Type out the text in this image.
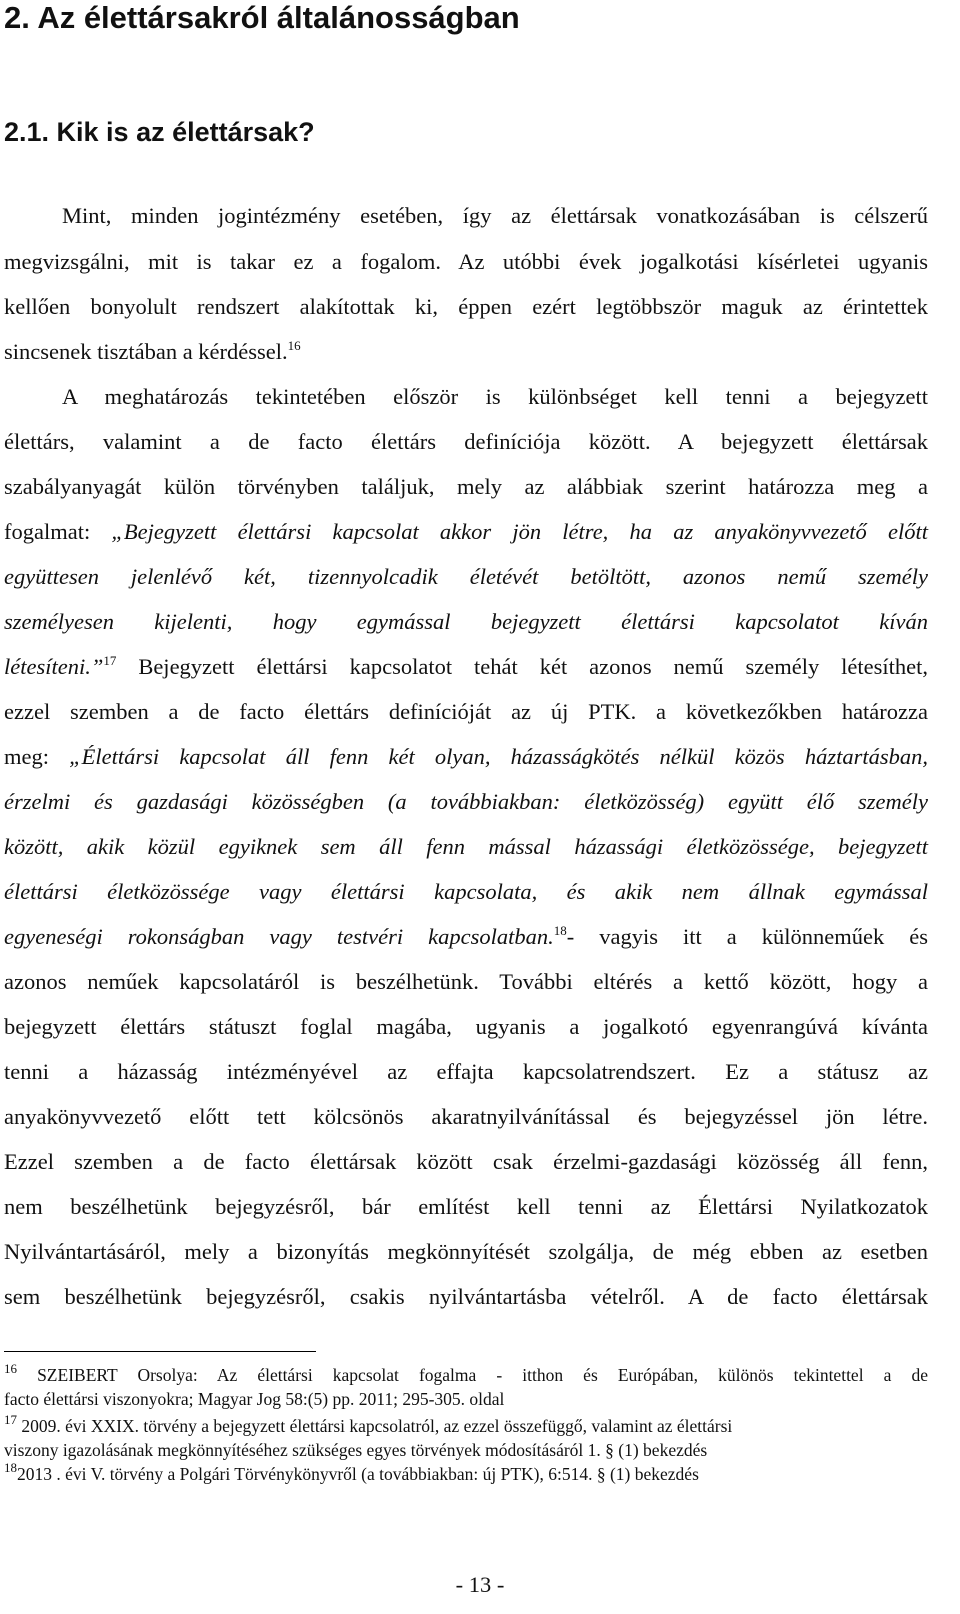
2. Az élettársakról általánosságban
2.1. Kik is az élettársak?
Mint, minden jogintézmény esetében, így az élettársak vonatkozásában is célszerű
megvizsgálni, mit is takar ez a fogalom. Az utóbbi évek jogalkotási kísérletei ugyanis
kellően bonyolult rendszert alakítottak ki, éppen ezért legtöbbször maguk az érintettek
sincsenek tisztában a kérdéssel.$^{16}$
A meghatározás tekintetében először is különbséget kell tenni a bejegyzett
élettárs, valamint a de facto élettárs definíciója között. A bejegyzett élettársak
szabályanyagát külön törvényben találjuk, mely az alábbiak szerint határozza meg a
fogalmat: „Bejegyzett élettársi kapcsolat akkor jön létre, ha az anyakönyvvezető előtt
együttesen jelenlévő két, tizennyolcadik életévét betöltött, azonos nemű személy
személyesen kijelenti, hogy egymással bejegyzett élettársi kapcsolatot kíván
létesíteni.”$^{17}$ Bejegyzett élettársi kapcsolatot tehát két azonos nemű személy létesíthet,
ezzel szemben a de facto élettárs definícióját az új PTK. a következőkben határozza
meg: „Élettársi kapcsolat áll fenn két olyan, házasságkötés nélkül közös háztartásban,
érzelmi és gazdasági közösségben (a továbbiakban: életközösség) együtt élő személy
között, akik közül egyiknek sem áll fenn mással házassági életközössége, bejegyzett
élettársi életközössége vagy élettársi kapcsolata, és akik nem állnak egymással
egyeneségi rokonságban vagy testvéri kapcsolatban.$^{18}$- vagyis itt a különneműek és
azonos neműek kapcsolatáról is beszélhetünk. További eltérés a kettő között, hogy a
bejegyzett élettárs státuszt foglal magába, ugyanis a jogalkotó egyenrangúvá kívánta
tenni a házasság intézményével az effajta kapcsolatrendszert. Ez a státusz az
anyakönyvvezető előtt tett kölcsönös akaratnyilvánítással és bejegyzéssel jön létre.
Ezzel szemben a de facto élettársak között csak érzelmi-gazdasági közösség áll fenn,
nem beszélhetünk bejegyzésről, bár említést kell tenni az Élettársi Nyilatkozatok
Nyilvántartásáról, mely a bizonyítás megkönnyítését szolgálja, de még ebben az esetben
sem beszélhetünk bejegyzésről, csakis nyilvántartásba vételről. A de facto élettársak
$^{16}$ SZEIBERT Orsolya: Az élettársi kapcsolat fogalma - itthon és Európában, különös tekintettel a de
facto élettársi viszonyokra; Magyar Jog 58:(5) pp. 2011; 295-305. oldal
$^{17}$ 2009. évi XXIX. törvény a bejegyzett élettársi kapcsolatról, az ezzel összefüggő, valamint az élettársi
viszony igazolásának megkönnyítéséhez szükséges egyes törvények módosításáról 1. § (1) bekezdés
$^{18}$2013 . évi V. törvény a Polgári Törvénykönyvről (a továbbiakban: új PTK), 6:514. § (1) bekezdés
- 13 -
